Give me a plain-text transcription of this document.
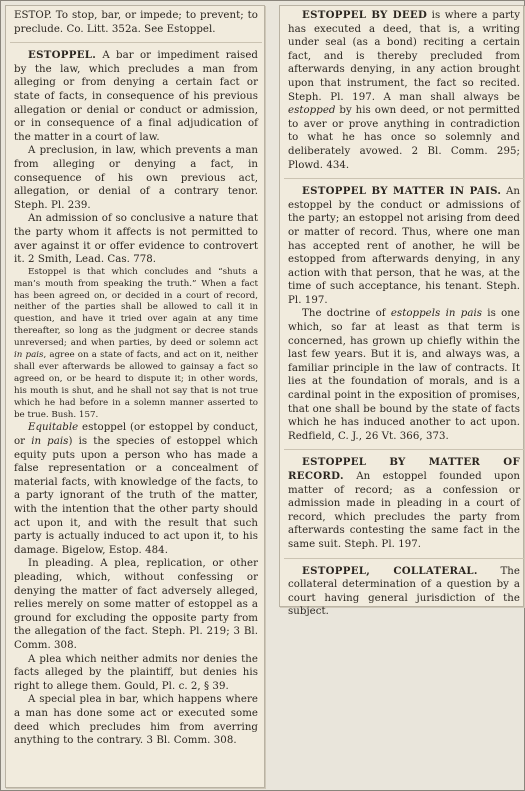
ESTOP. To stop, bar, or impede; to prevent; to preclude. Co. Litt. 352a. See Estoppel.

ESTOPPEL. A bar or impediment raised by the law, which precludes a man from alleging or from denying a certain fact or state of facts, in consequence of his previous allegation or denial or conduct or admission, or in consequence of a final adjudication of the matter in a court of law.

A preclusion, in law, which prevents a man from alleging or denying a fact, in consequence of his own previous act, allegation, or denial of a contrary tenor. Steph. Pl. 239.

An admission of so conclusive a nature that the party whom it affects is not permitted to aver against it or offer evidence to controvert it. 2 Smith, Lead. Cas. 778.

Estoppel is that which concludes and “shuts a man’s mouth from speaking the truth.” When a fact has been agreed on, or decided in a court of record, neither of the parties shall be allowed to call it in question, and have it tried over again at any time thereafter, so long as the judgment or decree stands unreversed; and when parties, by deed or solemn act in pais, agree on a state of facts, and act on it, neither shall ever afterwards be allowed to gainsay a fact so agreed on, or be heard to dispute it; in other words, his mouth is shut, and he shall not say that is not true which he had before in a solemn manner asserted to be true. Bush. 157.

Equitable estoppel (or estoppel by conduct, or in pais) is the species of estoppel which equity puts upon a person who has made a false representation or a concealment of material facts, with knowledge of the facts, to a party ignorant of the truth of the matter, with the intention that the other party should act upon it, and with the result that such party is actually induced to act upon it, to his damage. Bigelow, Estop. 484.

In pleading. A plea, replication, or other pleading, which, without confessing or denying the matter of fact adversely alleged, relies merely on some matter of estoppel as a ground for excluding the opposite party from the allegation of the fact. Steph. Pl. 219; 3 Bl. Comm. 308.

A plea which neither admits nor denies the facts alleged by the plaintiff, but denies his right to allege them. Gould, Pl. c. 2, § 39.

A special plea in bar, which happens where a man has done some act or executed some deed which precludes him from averring anything to the contrary. 3 Bl. Comm. 308.

ESTOPPEL BY DEED is where a party has executed a deed, that is, a writing under seal (as a bond) reciting a certain fact, and is thereby precluded from afterwards denying, in any action brought upon that instrument, the fact so recited. Steph. Pl. 197. A man shall always be estopped by his own deed, or not permitted to aver or prove anything in contradiction to what he has once so solemnly and deliberately avowed. 2 Bl. Comm. 295; Plowd. 434.

ESTOPPEL BY MATTER IN PAIS. An estoppel by the conduct or admissions of the party; an estoppel not arising from deed or matter of record. Thus, where one man has accepted rent of another, he will be estopped from afterwards denying, in any action with that person, that he was, at the time of such acceptance, his tenant. Steph. Pl. 197.

The doctrine of estoppels in pais is one which, so far at least as that term is concerned, has grown up chiefly within the last few years. But it is, and always was, a familiar principle in the law of contracts. It lies at the foundation of morals, and is a cardinal point in the exposition of promises, that one shall be bound by the state of facts which he has induced another to act upon. Redfield, C. J., 26 Vt. 366, 373.

ESTOPPEL BY MATTER OF RECORD. An estoppel founded upon matter of record; as a confession or admission made in pleading in a court of record, which precludes the party from afterwards contesting the same fact in the same suit. Steph. Pl. 197.

ESTOPPEL, COLLATERAL. The collateral determination of a question by a court having general jurisdiction of the subject.
